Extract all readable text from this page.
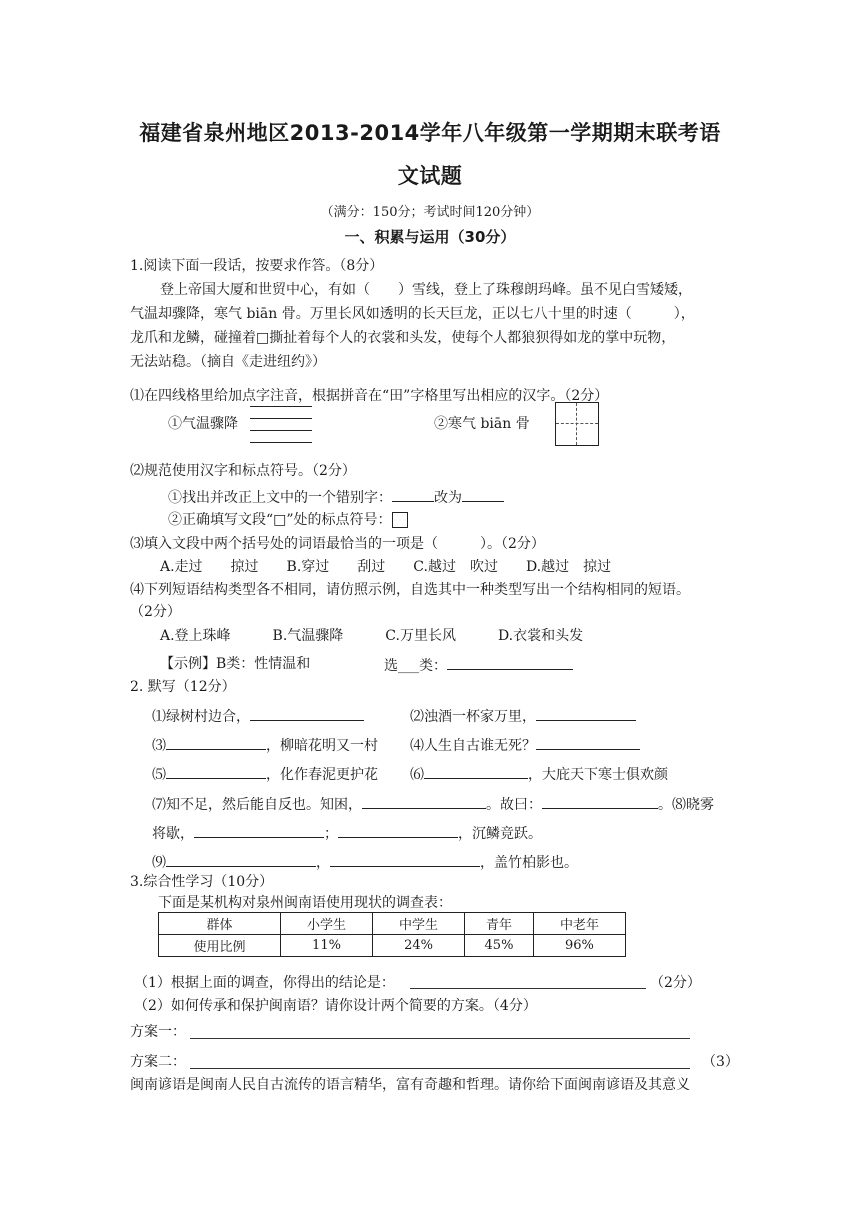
福建省泉州地区2013-2014学年八年级第一学期期末联考语
文试题
（满分：150分；考试时间120分钟）
一、积累与运用（30分）
1.阅读下面一段话，按要求作答。（8分）
登上帝国大厦和世贸中心，有如（　　）雪线，登上了珠穆朗玛峰。虽不见白雪矮矮，
气温却骤降，寒气 biān 骨。万里长风如透明的长天巨龙，正以七八十里的时速（　　　），
龙爪和龙鳞，碰撞着□撕扯着每个人的衣裳和头发，使每个人都狼狈得如龙的掌中玩物，
无法站稳。（摘自《走进纽约》）
⑴在四线格里给加点字注音，根据拼音在“田”字格里写出相应的汉字。（2分）
①气温骤降	②寒气 biān 骨
⑵规范使用汉字和标点符号。（2分）
①找出并改正上文中的一个错别字：	改为
②正确填写文段“□”处的标点符号：
⑶填入文段中两个括号处的词语最恰当的一项是（　　　）。（2分）
A.走过　　掠过　　B.穿过　　刮过　　C.越过　吹过　　D.越过　掠过
⑷下列短语结构类型各不相同，请仿照示例，自选其中一种类型写出一个结构相同的短语。
（2分）
A.登上珠峰　　　B.气温骤降　　　C.万里长风　　　D.衣裳和头发
【示例】B类：性情温和	选___类：
2. 默写（12分）
⑴绿树村边合，	⑵浊酒一杯家万里，
⑶	，柳暗花明又一村 ⑷人生自古谁无死？
⑸	，化作春泥更护花 ⑹	，大庇天下寒士俱欢颜
⑺知不足，然后能自反也。知困，	。故曰：	。⑻晓雾
将歇，	；	，沉鳞竞跃。
⑼	，	，盖竹柏影也。
3.综合性学习（10分）
下面是某机构对泉州闽南语使用现状的调查表：
群体	小学生	中学生	青年	中老年
使用比例	11%	24%	45%	96%
（1）根据上面的调查，你得出的结论是：	（2分）
（2）如何传承和保护闽南语？请你设计两个简要的方案。（4分）
方案一：
方案二：	（3）
闽南谚语是闽南人民自古流传的语言精华，富有奇趣和哲理。请你给下面闽南谚语及其意义
